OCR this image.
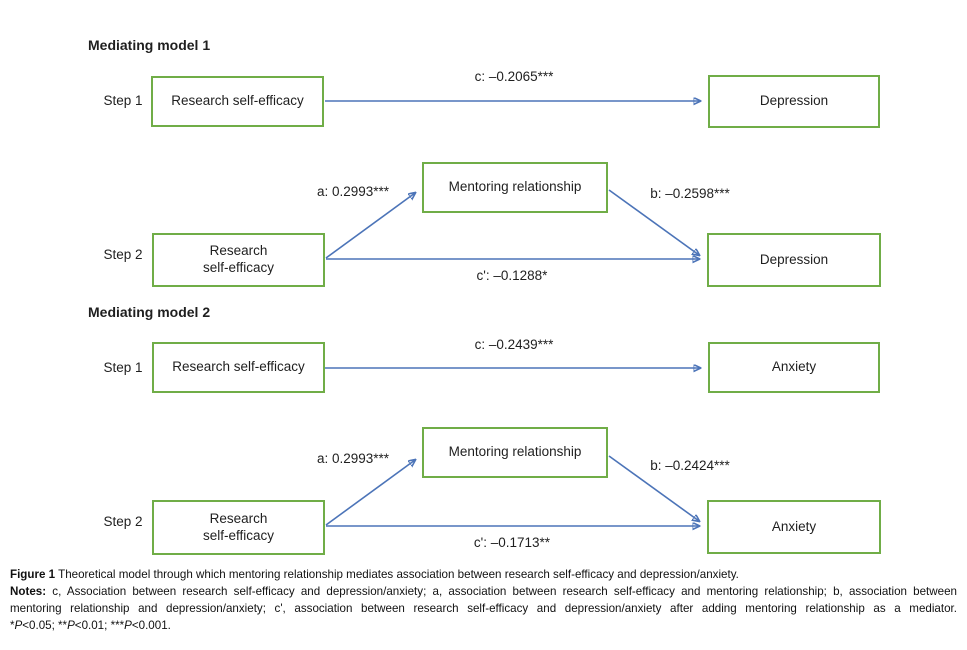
Mediating model 1
Step 1	Research self-efficacy
c: –0.2065***
Depression
Mentoring relationship
a: 0.2993***	b: –0.2598***
Step 2	Research
self-efficacy
c': –0.1288*
Depression
Mediating model 2
Step 1	Research self-efficacy
c: –0.2439***
Anxiety
Mentoring relationship
a: 0.2993***	b: –0.2424***
Step 2	Research
self-efficacy	c': –0.1713**
Anxiety
Figure 1 Theoretical model through which mentoring relationship mediates association between research self-efficacy and depression/anxiety.
Notes: c, Association between research self-efficacy and depression/anxiety; a, association between research self-efficacy and mentoring relationship; b, association between
mentoring relationship and depression/anxiety; c', association between research self-efficacy and depression/anxiety after adding mentoring relationship as a mediator.
*P<0.05; **P<0.01; ***P<0.001.
